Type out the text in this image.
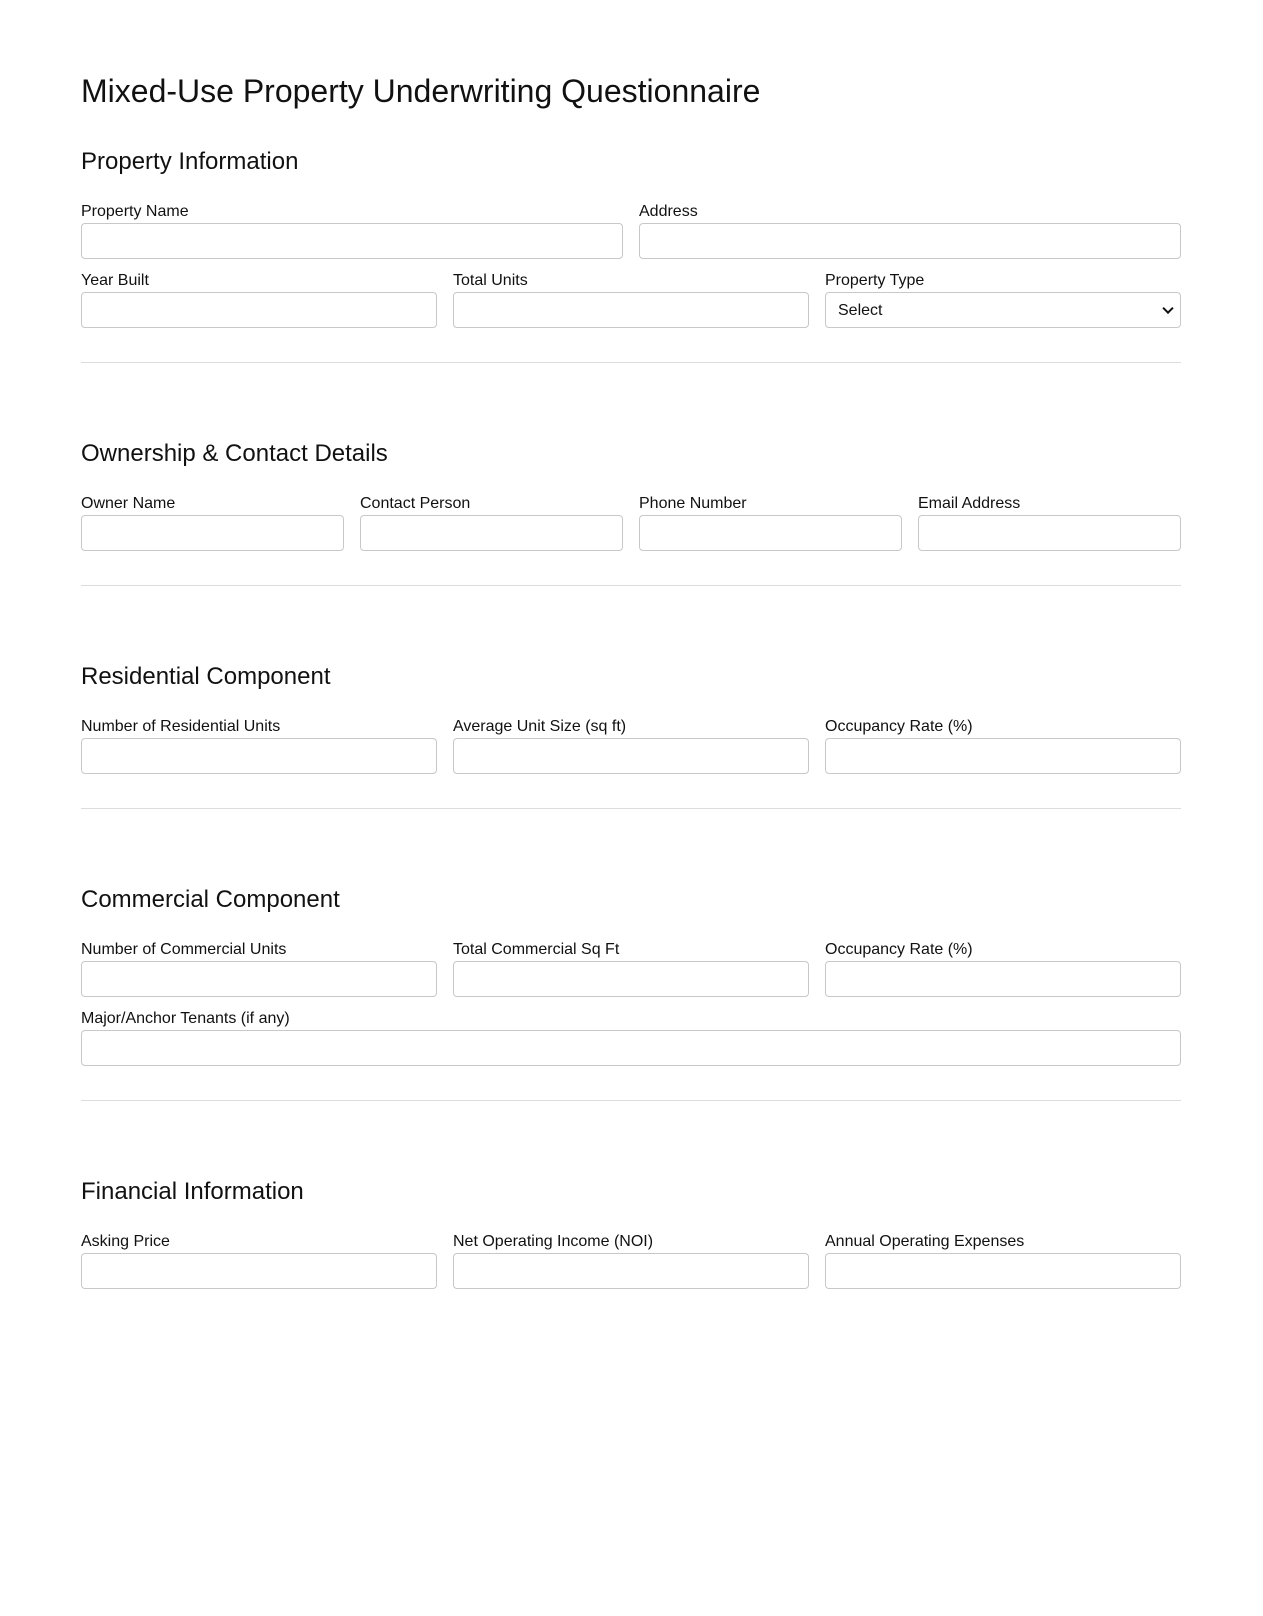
Mixed-Use Property Underwriting Questionnaire
Property Information
Property Name	Address
Year Built	Total Units	Property Type
Select
Ownership & Contact Details
Owner Name	Contact Person	Phone Number	Email Address
Residential Component
Number of Residential Units	Average Unit Size (sq ft)	Occupancy Rate (%)
Commercial Component
Number of Commercial Units	Total Commercial Sq Ft	Occupancy Rate (%)
Major/Anchor Tenants (if any)
Financial Information
Asking Price	Net Operating Income (NOI)	Annual Operating Expenses
